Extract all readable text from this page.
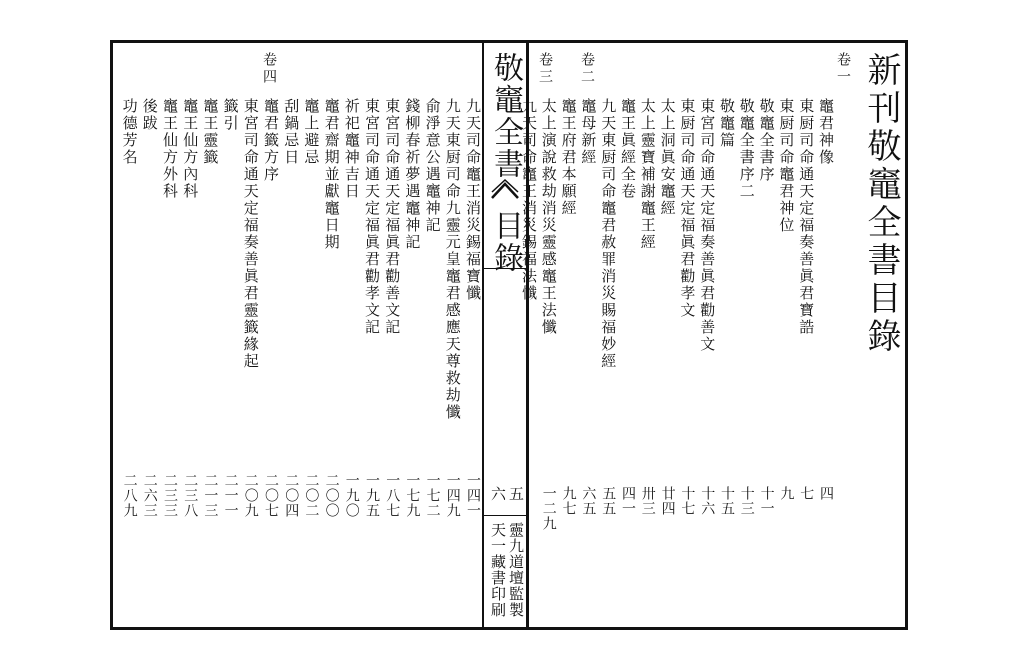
敬竈全書
目錄
五
六
靈九道壇監製
天一藏書印刷
新刊敬竈全書目錄
卷一
卷二
卷三
竈君神像
四
東厨司命通天定福奏善眞君寶誥
七
東厨司命竈君神位
九
敬竈全書序
十一
敬竈全書序二
十三
敬竈篇
十五
東宮司命通天定福奏善眞君勸善文
十六
東厨司命通天定福眞君勸孝文
十七
太上洞眞安竈經
廿四
太上靈寶補謝竈王經
卅三
竈王眞經全卷
四一
九天東厨司命竈君赦罪消災賜福妙經
五五
竈母新經
六五
竈王府君本願經
九七
太上演說救劫消災靈感竈王法懺
一二九
九天司命竈王消災錫福法懺
卷四
九天司命竈王消災錫福寶懺
一四一
九天東厨司命九靈元皇竈君感應天尊救劫懺
一四九
俞淨意公遇竈神記
一七二
錢柳春祈夢遇竈神記
一七九
東宮司命通天定福眞君勸善文記
一八七
東宮司命通天定福眞君勸孝文記
一九五
祈祀竈神吉日
一九〇
竈君齋期並獻竈日期
二〇〇
竈上避忌
二〇二
刮鍋忌日
二〇四
竈君籤方序
二〇七
東宮司命通天定福奏善眞君靈籤緣起
二〇九
籤引
二一一
竈王靈籤
二一三
竈王仙方內科
二三八
竈王仙方外科
二三三
後跋
二六三
功德芳名
二八九
